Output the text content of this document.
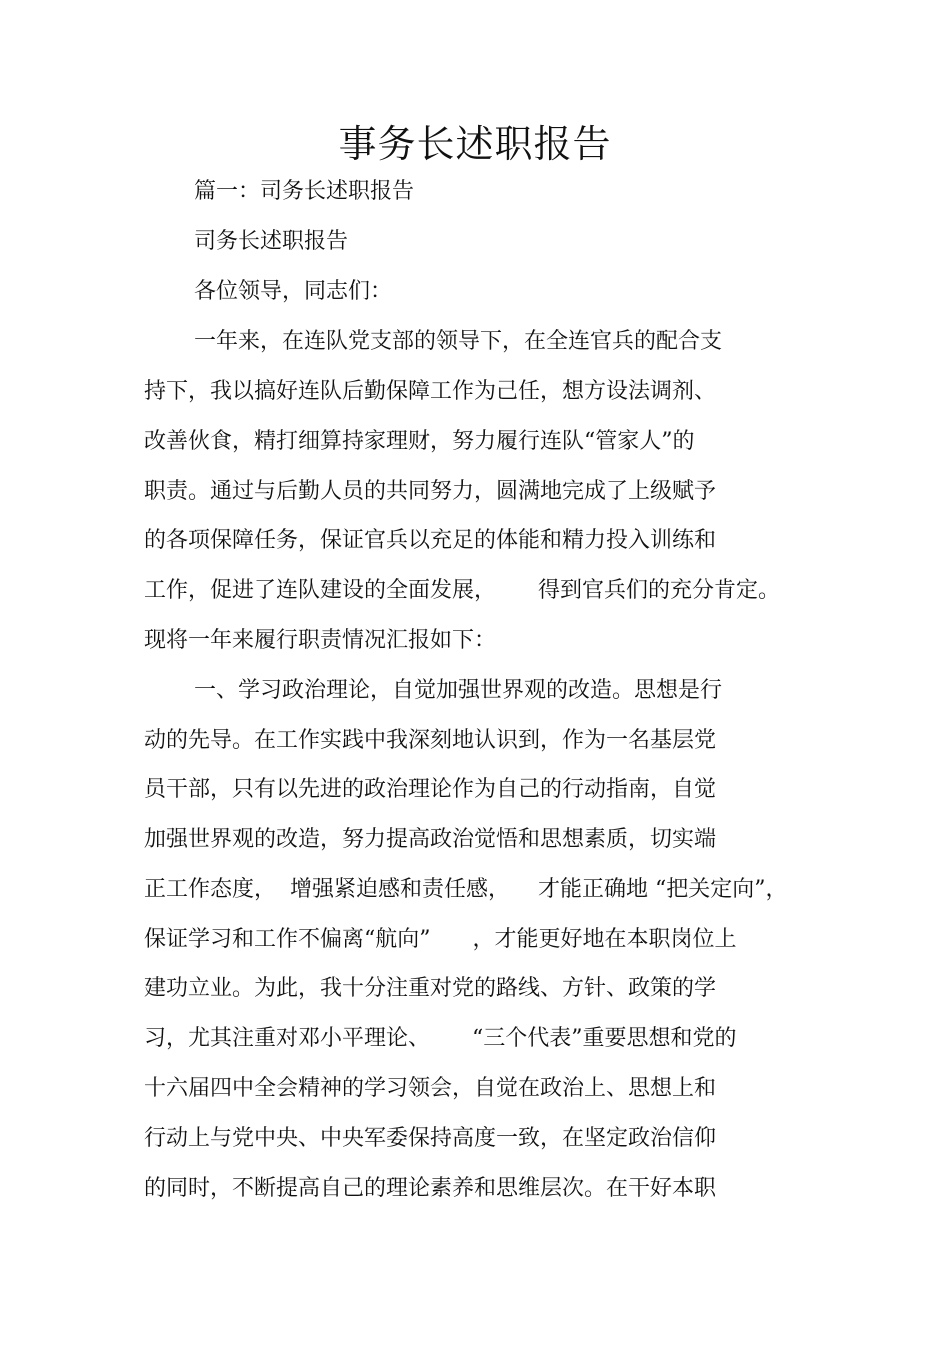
事务长述职报告
篇一：司务长述职报告
司务长述职报告
各位领导，同志们：
一年来，在连队党支部的领导下，在全连官兵的配合支
持下，我以搞好连队后勤保障工作为己任，想方设法调剂、
改善伙食，精打细算持家理财，努力履行连队“管家人”的
职责。通过与后勤人员的共同努力，圆满地完成了上级赋予
的各项保障任务，保证官兵以充足的体能和精力投入训练和
工作，促进了连队建设的全面发展，      得到官兵们的充分肯定。
现将一年来履行职责情况汇报如下：
一、学习政治理论，自觉加强世界观的改造。思想是行
动的先导。在工作实践中我深刻地认识到，作为一名基层党
员干部，只有以先进的政治理论作为自己的行动指南，自觉
加强世界观的改造，努力提高政治觉悟和思想素质，切实端
正工作态度，  增强紧迫感和责任感，    才能正确地 “把关定向”，
保证学习和工作不偏离“航向”      ，才能更好地在本职岗位上
建功立业。为此，我十分注重对党的路线、方针、政策的学
习，尤其注重对邓小平理论、      “三个代表”重要思想和党的
十六届四中全会精神的学习领会，自觉在政治上、思想上和
行动上与党中央、中央军委保持高度一致，在坚定政治信仰
的同时，不断提高自己的理论素养和思维层次。在干好本职
